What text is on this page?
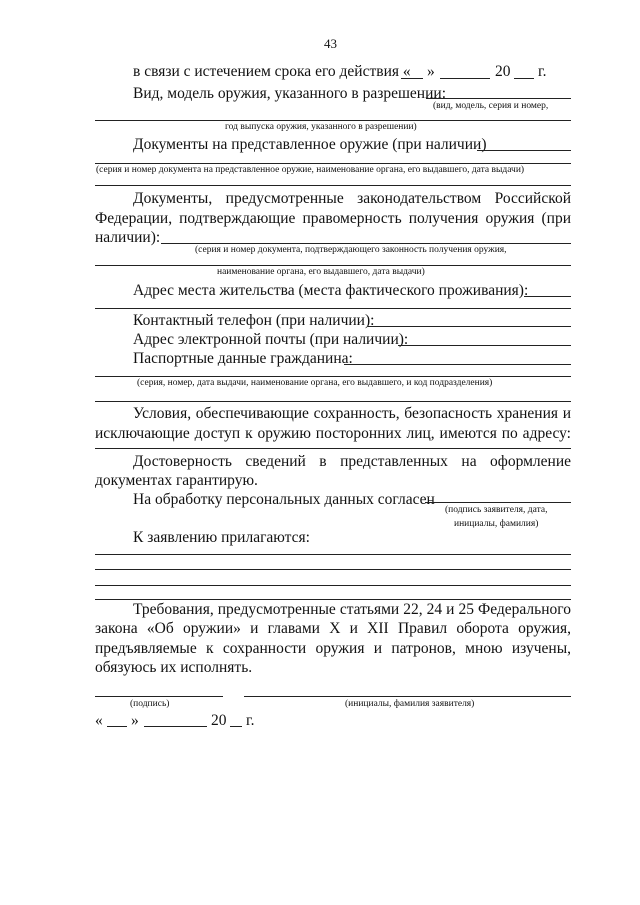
43
в связи с истечением срока его действия « »	20 г.
Вид, модель оружия, указанного в разрешении:
(вид, модель, серия и номер,
год выпуска оружия, указанного в разрешении)
Документы на представленное оружие (при наличии)
(серия и номер документа на представленное оружие, наименование органа, его выдавшего, дата выдачи)
Документы, предусмотренные законодательством Российской
Федерации, подтверждающие правомерность получения оружия (при
наличии):
(серия и номер документа, подтверждающего законность получения оружия,
наименование органа, его выдавшего, дата выдачи)
Адрес места жительства (места фактического проживания):
Контактный телефон (при наличии):
Адрес электронной почты (при наличии):
Паспортные данные гражданина:
(серия, номер, дата выдачи, наименование органа, его выдавшего, и код подразделения)
Условия, обеспечивающие сохранность, безопасность хранения и
исключающие доступ к оружию посторонних лиц, имеются по адресу:
Достоверность сведений в представленных на оформление
документах гарантирую.
На обработку персональных данных согласен
(подпись заявителя, дата,
инициалы, фамилия)
К заявлению прилагаются:
Требования, предусмотренные статьями 22, 24 и 25 Федерального
закона «Об оружии» и главами X и XII Правил оборота оружия,
предъявляемые к сохранности оружия и патронов, мною изучены,
обязуюсь их исполнять.
(подпись)	(инициалы, фамилия заявителя)
« »	20 г.
